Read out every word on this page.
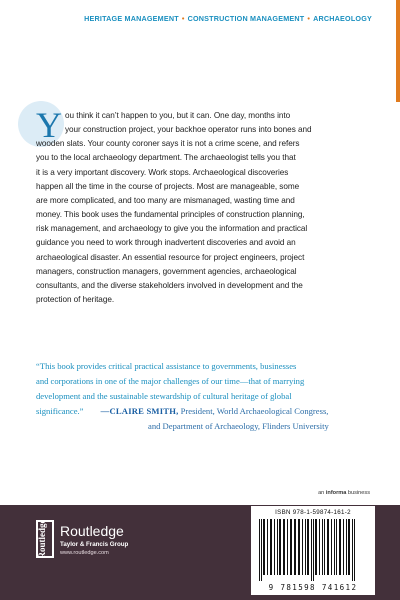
HERITAGE MANAGEMENT • CONSTRUCTION MANAGEMENT • ARCHAEOLOGY
Y ou think it can’t happen to you, but it can. One day, months into
your construction project, your backhoe operator runs into bones and
wooden slats. Your county coroner says it is not a crime scene, and refers
you to the local archaeology department. The archaeologist tells you that
it is a very important discovery. Work stops. Archaeological discoveries
happen all the time in the course of projects. Most are manageable, some
are more complicated, and too many are mismanaged, wasting time and
money. This book uses the fundamental principles of construction planning,
risk management, and archaeology to give you the information and practical
guidance you need to work through inadvertent discoveries and avoid an
archaeological disaster. An essential resource for project engineers, project
managers, construction managers, government agencies, archaeological
consultants, and the diverse stakeholders involved in development and the
protection of heritage.
“This book provides critical practical assistance to governments, businesses
and corporations in one of the major challenges of our time—that of marrying
development and the sustainable stewardship of cultural heritage of global
significance.” —CLAIRE SMITH, President, World Archaeological Congress,
and Department of Archaeology, Flinders University
an informa business
Routledge Routledge
Taylor & Francis Group
www.routledge.com
ISBN 978-1-59874-161-2
9 781598 741612
